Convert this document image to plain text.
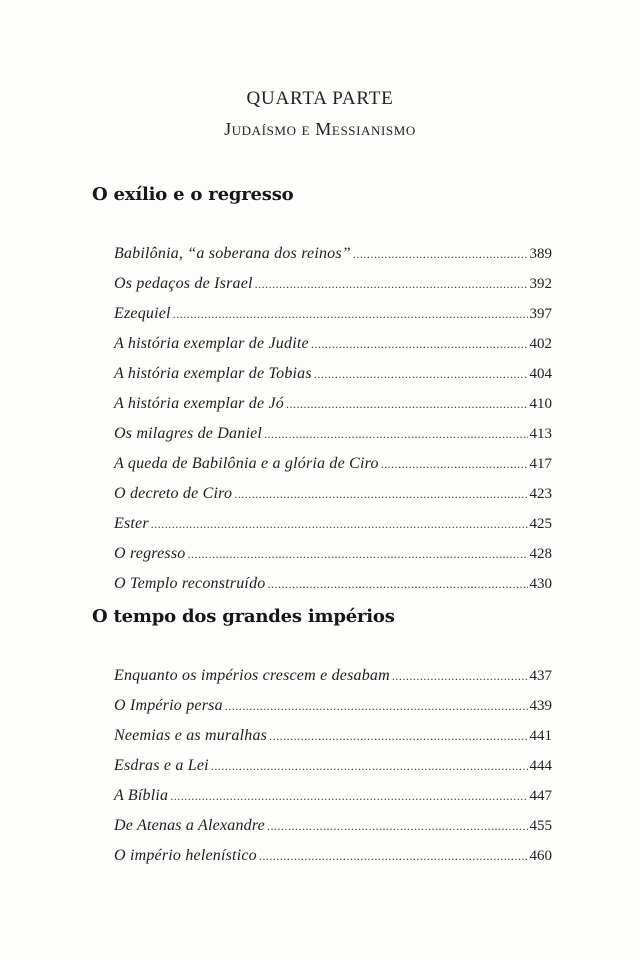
QUARTA PARTE
Judaísmo e Messianismo
O exílio e o regresso
Babilônia, “a soberana dos reinos” .....	389
Os pedaços de Israel .....	392
Ezequiel .....	397
A história exemplar de Judite .....	402
A história exemplar de Tobias .....	404
A história exemplar de Jó .....	410
Os milagres de Daniel .....	413
A queda de Babilônia e a glória de Ciro .....	417
O decreto de Ciro .....	423
Ester .....	425
O regresso .....	428
O Templo reconstruído .....	430
O tempo dos grandes impérios
Enquanto os impérios crescem e desabam .....	437
O Império persa .....	439
Neemias e as muralhas .....	441
Esdras e a Lei .....	444
A Bíblia .....	447
De Atenas a Alexandre .....	455
O império helenístico .....	460
